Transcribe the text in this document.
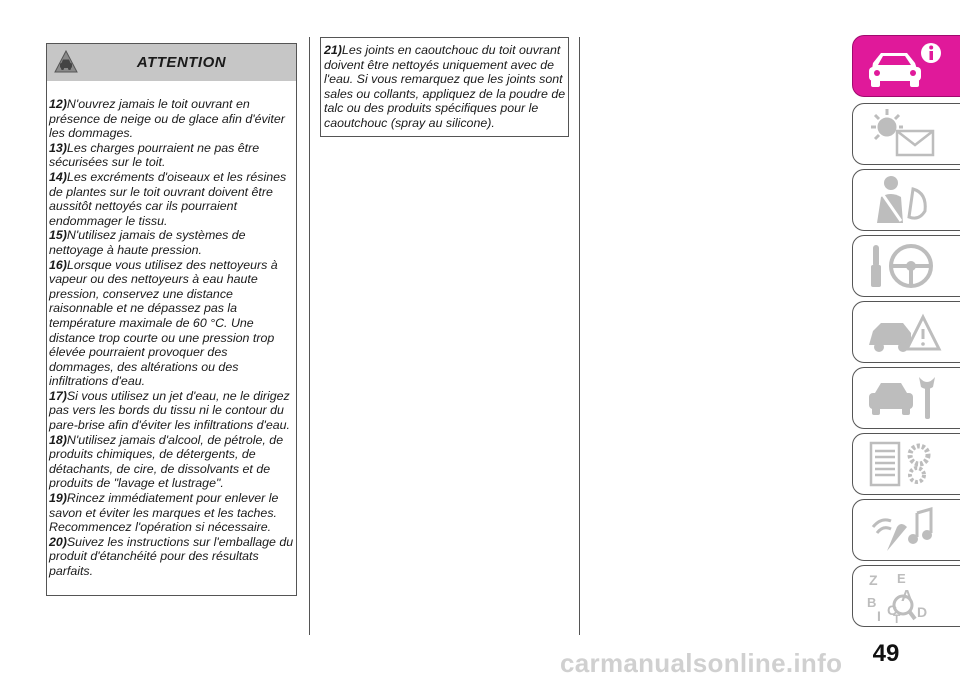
ATTENTION

12)N'ouvrez jamais le toit ouvrant en présence de neige ou de glace afin d'éviter les dommages.

13)Les charges pourraient ne pas être sécurisées sur le toit.

14)Les excréments d'oiseaux et les résines de plantes sur le toit ouvrant doivent être aussitôt nettoyés car ils pourraient endommager le tissu.

15)N'utilisez jamais de systèmes de nettoyage à haute pression.

16)Lorsque vous utilisez des nettoyeurs à vapeur ou des nettoyeurs à eau haute pression, conservez une distance raisonnable et ne dépassez pas la température maximale de 60 °C. Une distance trop courte ou une pression trop élevée pourraient provoquer des dommages, des altérations ou des infiltrations d'eau.

17)Si vous utilisez un jet d'eau, ne le dirigez pas vers les bords du tissu ni le contour du pare-brise afin d'éviter les infiltrations d'eau.

18)N'utilisez jamais d'alcool, de pétrole, de produits chimiques, de détergents, de détachants, de cire, de dissolvants et de produits de "lavage et lustrage".

19)Rincez immédiatement pour enlever le savon et éviter les marques et les taches. Recommencez l'opération si nécessaire.

20)Suivez les instructions sur l'emballage du produit d'étanchéité pour des résultats parfaits.

21)Les joints en caoutchouc du toit ouvrant doivent être nettoyés uniquement avec de l'eau. Si vous remarquez que les joints sont sales ou collants, appliquez de la poudre de talc ou des produits spécifiques pour le caoutchouc (spray au silicone).

Z E
B A
I C
T D
49
carmanualsonline.info
